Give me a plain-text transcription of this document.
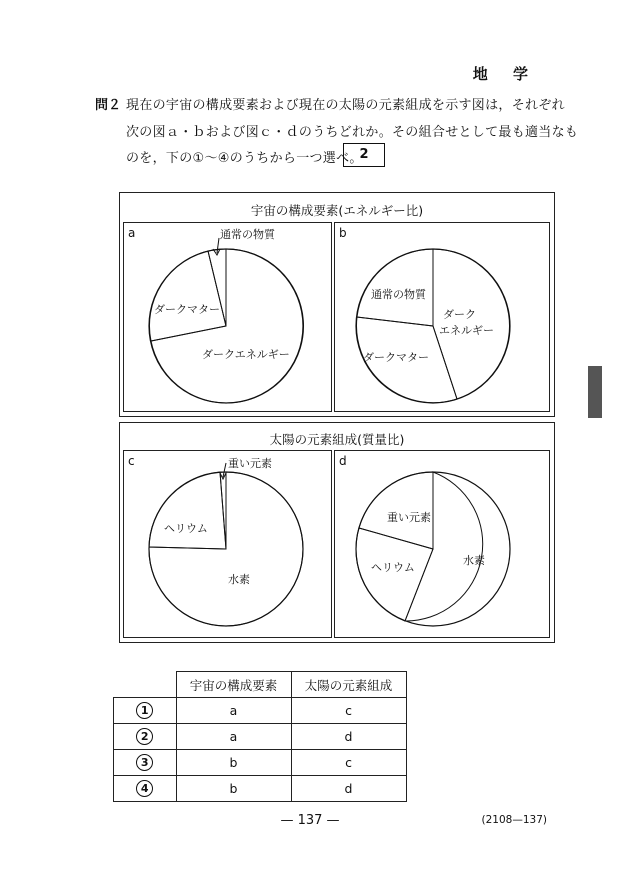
地 学
問２ 現在の宇宙の構成要素および現在の太陽の元素組成を示す図は，それぞれ
次の図ａ・ｂおよび図ｃ・ｄのうちどれか。その組合せとして最も適当なも
のを，下の①～④のうちから一つ選べ。
2
宇宙の構成要素(エネルギー比)
a	通常の物質
ダークマター
ダークエネルギー
b
通常の物質
ダーク
エネルギー
ダークマター
太陽の元素組成(質量比)
c	重い元素
ヘリウム
水素
d
重い元素
水素
ヘリウム
	宇宙の構成要素	太陽の元素組成
1	a	c
2	a	d
3	b	c
4	b	d
— 137 —	(2108—137)
